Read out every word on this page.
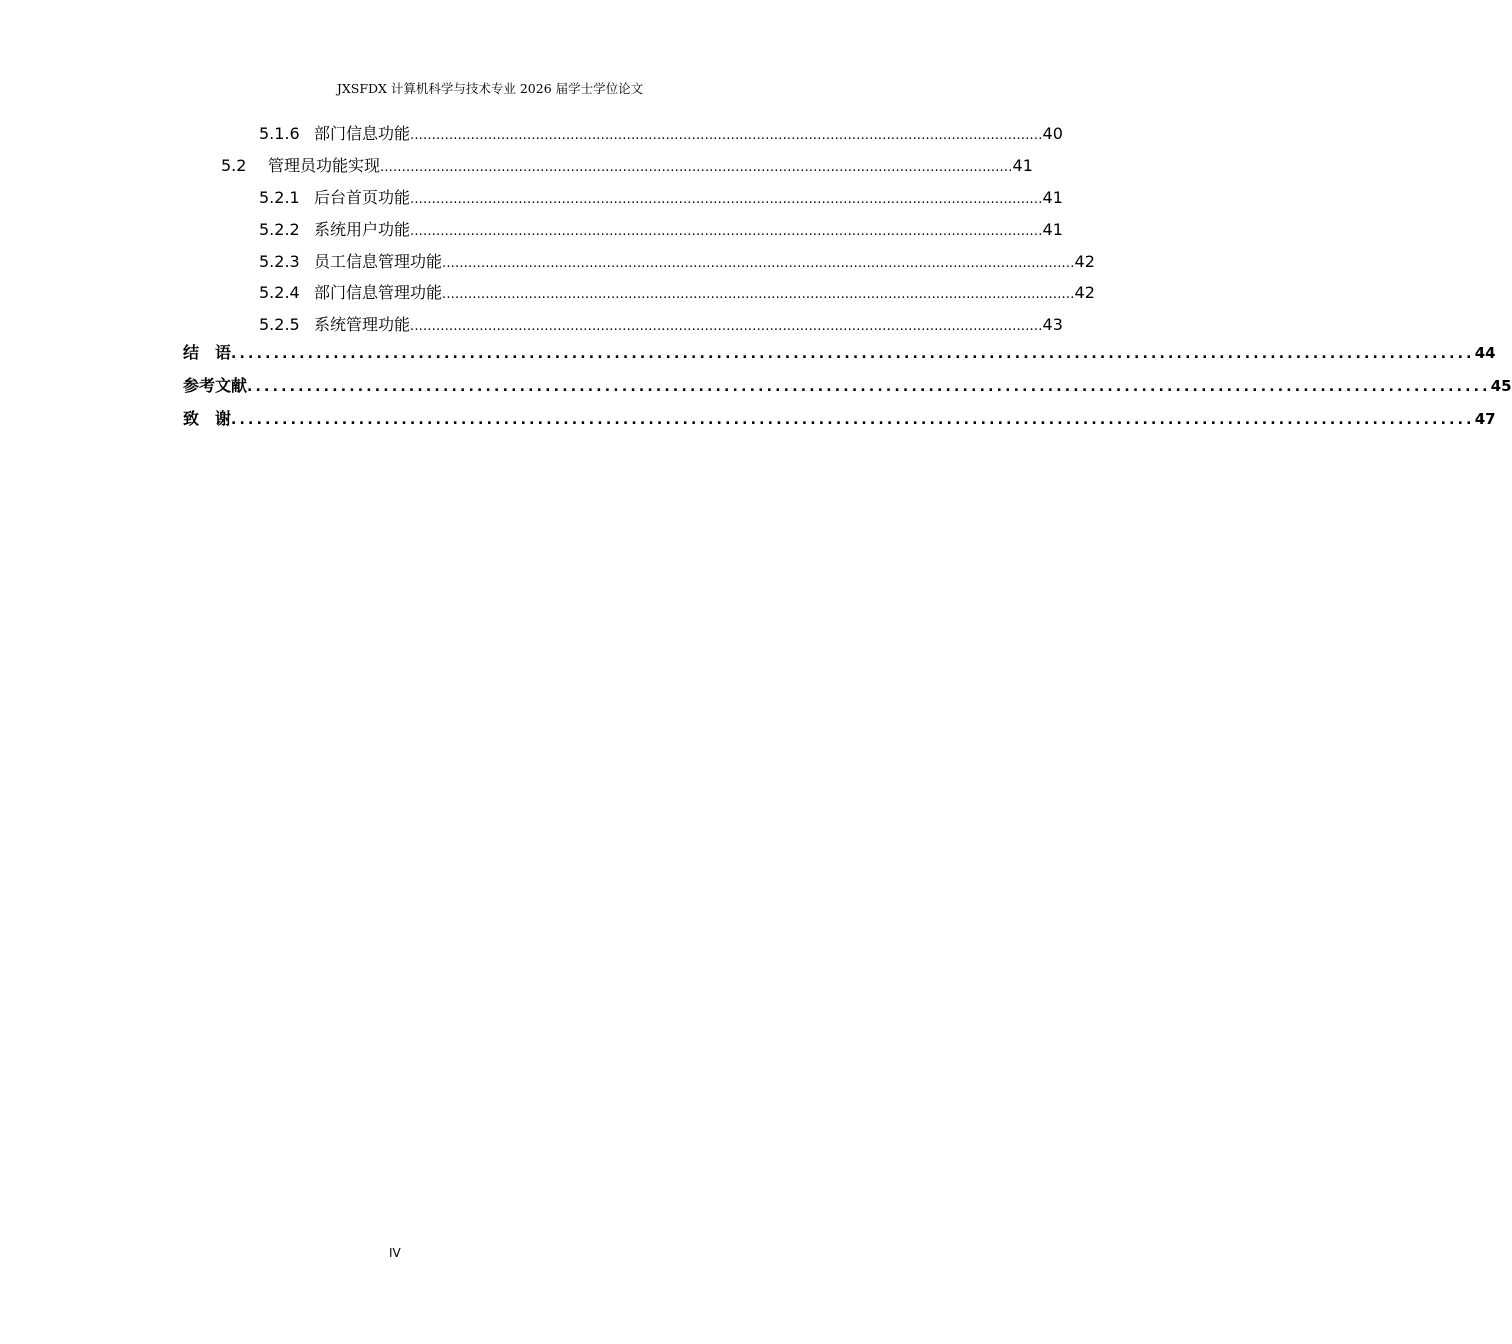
JXSFDX 计算机科学与技术专业 2026 届学士学位论文
5.1.6 部门信息功能 .................................................................................................................................................. 40
5.2	管理员功能实现 .................................................................................................................................................. 41
5.2.1 后台首页功能 .................................................................................................................................................. 41
5.2.2 系统用户功能 .................................................................................................................................................. 41
5.2.3 员工信息管理功能 .................................................................................................................................................. 42
5.2.4 部门信息管理功能 .................................................................................................................................................. 42
5.2.5 系统管理功能 .................................................................................................................................................. 43
结　语 .................................................................................................................................................. 44
参考文献 .................................................................................................................................................. 45
致　谢 .................................................................................................................................................. 47
IV
